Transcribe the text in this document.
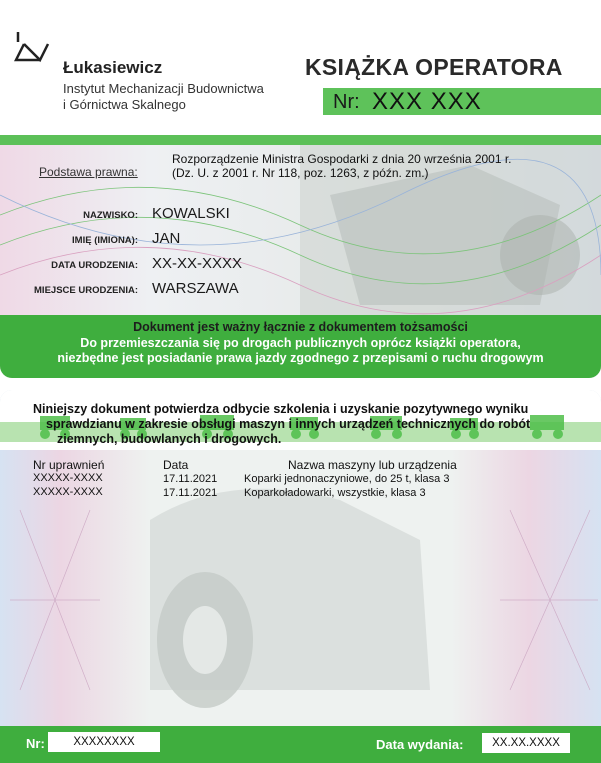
Łukasiewicz
Instytut Mechanizacji Budownictwa
i Górnictwa Skalnego
KSIĄŻKA OPERATORA
Nr: XXX XXX
Podstawa prawna:
Rozporządzenie Ministra Gospodarki z dnia 20 września 2001 r.
(Dz. U. z 2001 r. Nr 118, poz. 1263, z późn. zm.)
NAZWISKO: KOWALSKI
IMIĘ (IMIONA): JAN
DATA URODZENIA: XX-XX-XXXX
MIEJSCE URODZENIA: WARSZAWA
Dokument jest ważny łącznie z dokumentem tożsamości
Do przemieszczania się po drogach publicznych oprócz książki operatora,
niezbędne jest posiadanie prawa jazdy zgodnego z przepisami o ruchu drogowym
Niniejszy dokument potwierdza odbycie szkolenia i uzyskanie pozytywnego wyniku
sprawdzianu w zakresie obsługi maszyn i innych urządzeń technicznych do robót
ziemnych, budowlanych i drogowych.
Nr uprawnień	Data	Nazwa maszyny lub urządzenia
XXXXX-XXXX	17.11.2021 Koparki jednonaczyniowe, do 25 t, klasa 3
XXXXX-XXXX	17.11.2021 Koparkoładowarki, wszystkie, klasa 3
Nr:	XXXXXXXX	Data wydania:	XX.XX.XXXX
